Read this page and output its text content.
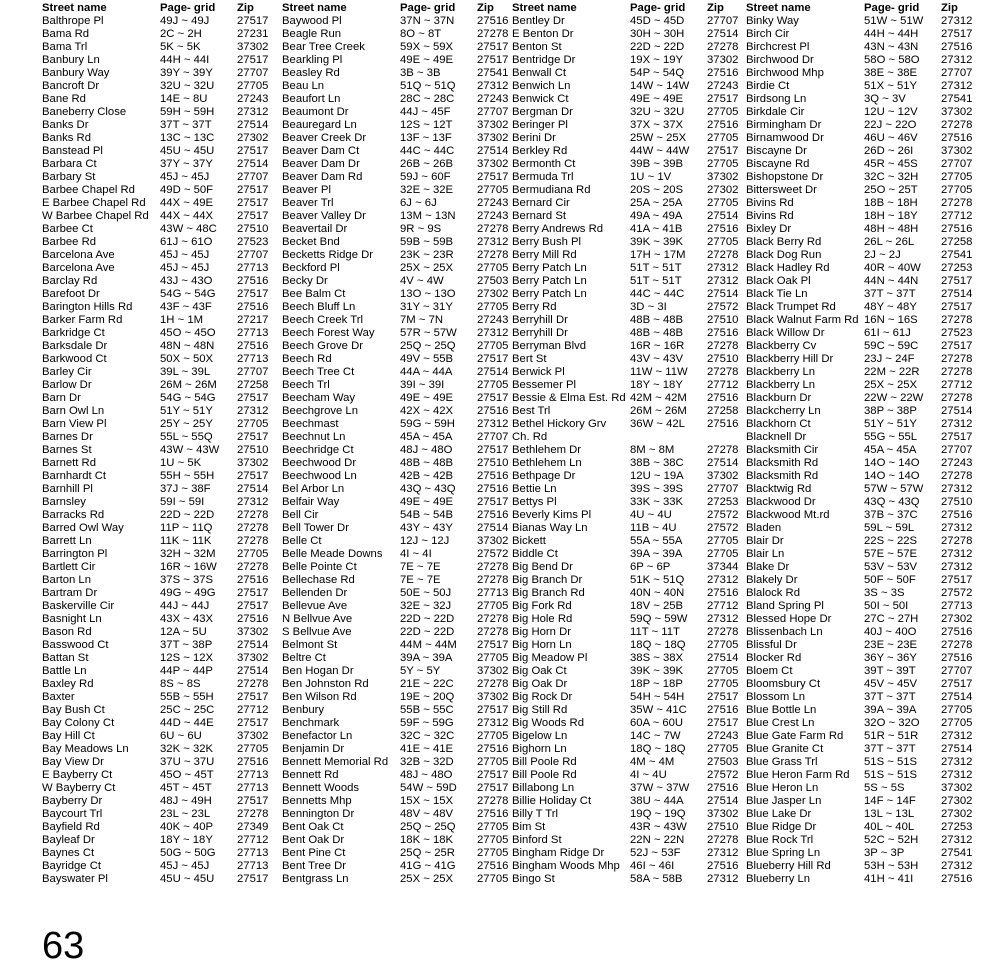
Street name	Page- grid Zip
Balthrope Pl	49J ~ 49J 27517
Bama Rd	2C ~ 2H	27231
Bama Trl	5K ~ 5K	37302
Banbury Ln	44H ~ 44I 27517
Banbury Way	39Y ~ 39Y 27707
Bancroft Dr	32U ~ 32U 27705
Bane Rd	14E ~ 8U	27243
Baneberry Close	59H ~ 59H 27312
Banks Dr	37T ~ 37T 27514
Banks Rd	13C ~ 13C 27302
Banstead Pl	45U ~ 45U 27517
Barbara Ct	37Y ~ 37Y 27514
Barbary St	45J ~ 45J 27707
Barbee Chapel Rd 49D ~ 50F 27517
E Barbee Chapel Rd 44X ~ 49E 27517
W Barbee Chapel Rd 44X ~ 44X 27517
Barbee Ct	43W ~ 48C 27510
Barbee Rd	61J ~ 61O 27523
Barcelona Ave	45J ~ 45J 27707
Barcelona Ave	45J ~ 45J 27713
Barclay Rd	43J ~ 43O 27516
Barefoot Dr	54G ~ 54G 27517
Barington Hills Rd 43F ~ 43F 27516
Barker Farm Rd	1H ~ 1M	27217
Barkridge Ct	45O ~ 45O 27713
Barksdale Dr	48N ~ 48N 27516
Barkwood Ct	50X ~ 50X 27713
Barley Cir	39L ~ 39L 27707
Barlow Dr	26M ~ 26M 27258
Barn Dr	54G ~ 54G 27517
Barn Owl Ln	51Y ~ 51Y 27312
Barn View Pl	25Y ~ 25Y 27705
Barnes Dr	55L ~ 55Q 27517
Barnes St	43W ~ 43W 27510
Barnett Rd	1U ~ 5K	37302
Barnhardt Ct	55H ~ 55H 27517
Barnhill Pl	37J ~ 38F 27514
Barnsley	59I ~ 59I	27312
Barracks Rd	22D ~ 22D 27278
Barred Owl Way	11P ~ 11Q 27278
Barrett Ln	11K ~ 11K 27278
Barrington Pl	32H ~ 32M 27705
Bartlett Cir	16R ~ 16W 27278
Barton Ln	37S ~ 37S 27516
Bartram Dr	49G ~ 49G 27517
Baskerville Cir	44J ~ 44J 27517
Basnight Ln	43X ~ 43X 27516
Bason Rd	12A ~ 5U	37302
Basswood Ct	37T ~ 38P 27514
Battan St	12S ~ 12X 37302
Battle Ln	44P ~ 44P 27514
Baxley Rd	8S ~ 8S	27278
Baxter	55B ~ 55H 27517
Bay Bush Ct	25C ~ 25C 27712
Bay Colony Ct	44D ~ 44E 27517
Bay Hill Ct	6U ~ 6U	37302
Bay Meadows Ln	32K ~ 32K 27705
Bay View Dr	37U ~ 37U 27516
E Bayberry Ct	45O ~ 45T 27713
W Bayberry Ct	45T ~ 45T 27713
Bayberry Dr	48J ~ 49H 27517
Baycourt Trl	23L ~ 23L 27278
Bayfield Rd	40K ~ 40P 27349
Bayleaf Dr	18Y ~ 18Y 27712
Baynes Ct	50G ~ 50G 27713
Bayridge Ct	45J ~ 45J 27713
Bayswater Pl	45U ~ 45U 27517
Street name	Page- grid Zip
Baywood Pl	37N ~ 37N 27516
Beagle Run	8O ~ 8T	27278
Bear Tree Creek	59X ~ 59X 27517
Bearkling Pl	49E ~ 49E 27517
Beasley Rd	3B ~ 3B	27541
Beau Ln	51Q ~ 51Q 27312
Beaufort Ln	28C ~ 28C 27243
Beaumont Dr	44J ~ 45F 27707
Beauregard Ln	12S ~ 12T 37302
Beaver Creek Dr	13F ~ 13F 37302
Beaver Dam Ct	44C ~ 44C 27514
Beaver Dam Dr	26B ~ 26B 37302
Beaver Dam Rd	59J ~ 60F 27517
Beaver Pl	32E ~ 32E 27705
Beaver Trl	6J ~ 6J	27243
Beaver Valley Dr	13M ~ 13N 27243
Beavertail Dr	9R ~ 9S	27278
Becket Bnd	59B ~ 59B 27312
Becketts Ridge Dr 23K ~ 23R 27278
Beckford Pl	25X ~ 25X 27705
Becky Dr	4V ~ 4W	27503
Bee Balm Ct	13O ~ 13O 27302
Beech Bluff Ln	31Y ~ 31Y 27705
Beech Creek Trl	7M ~ 7N	27243
Beech Forest Way 57R ~ 57W 27312
Beech Grove Dr	25Q ~ 25Q 27705
Beech Rd	49V ~ 55B 27517
Beech Tree Ct	44A ~ 44A 27514
Beech Trl	39I ~ 39I	27705
Beecham Way	49E ~ 49E 27517
Beechgrove Ln	42X ~ 42X 27516
Beechmast	59G ~ 59H 27312
Beechnut Ln	45A ~ 45A 27707
Beechridge Ct	48J ~ 48O 27517
Beechwood Dr	48B ~ 48B 27510
Beechwood Ln	42B ~ 42B 27516
Bel Arbor Ln	43Q ~ 43Q 27516
Belfair Way	49E ~ 49E 27517
Bell Cir	54B ~ 54B 27516
Bell Tower Dr	43Y ~ 43Y 27514
Belle Ct	12J ~ 12J 37302
Belle Meade Downs 4I ~ 4I	27572
Belle Pointe Ct	7E ~ 7E	27278
Bellechase Rd	7E ~ 7E	27278
Bellenden Dr	50E ~ 50J 27713
Bellevue Ave	32E ~ 32J 27705
N Bellvue Ave	22D ~ 22D 27278
S Bellvue Ave	22D ~ 22D 27278
Belmont St	44M ~ 44M 27517
Beltre Ct	39A ~ 39A 27705
Ben Hogan Dr	5Y ~ 5Y	37302
Ben Johnston Rd	21E ~ 22C 27278
Ben Wilson Rd	19E ~ 20Q 37302
Benbury	55B ~ 55C 27517
Benchmark	59F ~ 59G 27312
Benefactor Ln	32C ~ 32C 27705
Benjamin Dr	41E ~ 41E 27516
Bennett Memorial Rd 32B ~ 32D 27705
Bennett Rd	48J ~ 48O 27517
Bennett Woods	54W ~ 59D 27517
Bennetts Mhp	15X ~ 15X 27278
Bennington Dr	48V ~ 48V 27516
Bent Oak Ct	25Q ~ 25Q 27705
Bent Oak Dr	18K ~ 18K 27705
Bent Pine Ct	25Q ~ 25R 27705
Bent Tree Dr	41G ~ 41G 27516
Bentgrass Ln	25X ~ 25X 27705
Street name	Page- grid Zip
Bentley Dr	45D ~ 45D 27707
E Benton Dr	30H ~ 30H 27514
Benton St	22D ~ 22D 27278
Bentridge Dr	19X ~ 19Y 37302
Benwall Ct	54P ~ 54Q 27516
Benwich Ln	14W ~ 14W 27243
Benwick Ct	49E ~ 49E 27517
Bergman Dr	32U ~ 32U 27705
Beringer Pl	37X ~ 37X 27516
Berini Dr	25W ~ 25X 27705
Berkley Rd	44W ~ 44W 27517
Bermonth Ct	39B ~ 39B 27705
Bermuda Trl	1U ~ 1V	37302
Bermudiana Rd	20S ~ 20S 27302
Bernard Cir	25A ~ 25A 27705
Bernard St	49A ~ 49A 27514
Berry Andrews Rd 41A ~ 41B 27516
Berry Bush Pl	39K ~ 39K 27705
Berry Mill Rd	17H ~ 17M 27278
Berry Patch Ln	51T ~ 51T 27312
Berry Patch Ln	51T ~ 51T 27312
Berry Patch Ln	44C ~ 44C 27514
Berry Rd	3D ~ 3I	27572
Berryhill Dr	48B ~ 48B 27510
Berryhill Dr	48B ~ 48B 27516
Berryman Blvd	16R ~ 16R 27278
Bert St	43V ~ 43V 27510
Berwick Pl	11W ~ 11W 27278
Bessemer Pl	18Y ~ 18Y 27712
Bessie & Elma Est. Rd 42M ~ 42M 27516
Best Trl	26M ~ 26M 27258
Bethel Hickory Grv 36W ~ 42L 27516
Ch. Rd
Bethlehem Dr	8M ~ 8M	27278
Bethlehem Ln	38B ~ 38C 27514
Bethpage Dr	12U ~ 19A 37302
Bettie Ln	39S ~ 39S 27707
Bettys Pl	33K ~ 33K 27253
Beverly Kims Pl	4U ~ 4U	27572
Bianas Way Ln	11B ~ 4U	27572
Bickett	55A ~ 55A 27705
Biddle Ct	39A ~ 39A 27705
Big Bend Dr	6P ~ 6P	37344
Big Branch Dr	51K ~ 51Q 27312
Big Branch Rd	40N ~ 40N 27516
Big Fork Rd	18V ~ 25B 27712
Big Hole Rd	59Q ~ 59W 27312
Big Horn Dr	11T ~ 11T 27278
Big Horn Ln	18Q ~ 18Q 27705
Big Meadow Pl	38S ~ 38X 27514
Big Oak Ct	39K ~ 39K 27705
Big Oak Dr	18P ~ 18P 27705
Big Rock Dr	54H ~ 54H 27517
Big Still Rd	35W ~ 41C 27516
Big Woods Rd	60A ~ 60U 27517
Bigelow Ln	14C ~ 7W 27243
Bighorn Ln	18Q ~ 18Q 27705
Bill Poole Rd	4M ~ 4M	27503
Bill Poole Rd	4I ~ 4U	27572
Billabong Ln	37W ~ 37W 27516
Billie Holiday Ct	38U ~ 44A 27514
Billy T Trl	19Q ~ 19Q 37302
Bim St	43R ~ 43W 27510
Binford St	22N ~ 22N 27278
Bingham Ridge Dr 52J ~ 53F 27312
Bingham Woods Mhp 46I ~ 46I	27516
Bingo St	58A ~ 58B 27312
Street name	Page- grid Zip
Binky Way	51W ~ 51W 27312
Birch Cir	44H ~ 44H 27517
Birchcrest Pl	43N ~ 43N 27516
Birchwood Dr	58O ~ 58O 27312
Birchwood Mhp	38E ~ 38E 27707
Birdie Ct	51X ~ 51Y 27312
Birdsong Ln	3Q ~ 3V	27541
Birkdale Cir	12U ~ 12V 37302
Birmingham Dr	22J ~ 22O 27278
Birnamwood Dr	46U ~ 46V 27516
Biscayne Dr	26D ~ 26I 37302
Biscayne Rd	45R ~ 45S 27707
Bishopstone Dr	32C ~ 32H 27705
Bittersweet Dr	25O ~ 25T 27705
Bivins Rd	18B ~ 18H 27278
Bivins Rd	18H ~ 18Y 27712
Bixley Dr	48H ~ 48H 27516
Black Berry Rd	26L ~ 26L 27258
Black Dog Run	2J ~ 2J	27541
Black Hadley Rd	40R ~ 40W 27253
Black Oak Pl	44N ~ 44N 27517
Black Tie Ln	37T ~ 37T 27514
Black Trumpet Rd 48Y ~ 48Y 27517
Black Walnut Farm Rd 16N ~ 16S 27278
Black Willow Dr	61I ~ 61J	27523
Blackberry Cv	59C ~ 59C 27517
Blackberry Hill Dr	23J ~ 24F 27278
Blackberry Ln	22M ~ 22R 27278
Blackberry Ln	25X ~ 25X 27712
Blackburn Dr	22W ~ 22W 27278
Blackcherry Ln	38P ~ 38P 27514
Blackhorn Ct	51Y ~ 51Y 27312
Blacknell Dr	55G ~ 55L 27517
Blacksmith Cir	45A ~ 45A 27707
Blacksmith Rd	14O ~ 14O 27243
Blacksmith Rd	14O ~ 14O 27278
Blacktwig Rd	57W ~ 57W 27312
Blackwood Dr	43Q ~ 43Q 27510
Blackwood Mt.rd	37B ~ 37C 27516
Bladen	59L ~ 59L 27312
Blair Dr	22S ~ 22S 27278
Blair Ln	57E ~ 57E 27312
Blake Dr	53V ~ 53V 27312
Blakely Dr	50F ~ 50F 27517
Blalock Rd	3S ~ 3S	27572
Bland Spring Pl	50I ~ 50I	27713
Blessed Hope Dr	27C ~ 27H 27302
Blissenbach Ln	40J ~ 40O 27516
Blissful Dr	23E ~ 23E 27278
Blocker Rd	36Y ~ 36Y 27516
Bloem Ct	39T ~ 39T 27707
Bloomsbury Ct	45V ~ 45V 27517
Blossom Ln	37T ~ 37T 27514
Blue Bottle Ln	39A ~ 39A 27705
Blue Crest Ln	32O ~ 32O 27705
Blue Gate Farm Rd 51R ~ 51R 27312
Blue Granite Ct	37T ~ 37T 27514
Blue Grass Trl	51S ~ 51S 27312
Blue Heron Farm Rd 51S ~ 51S 27312
Blue Heron Ln	5S ~ 5S	37302
Blue Jasper Ln	14F ~ 14F 27302
Blue Lake Dr	13L ~ 13L 27302
Blue Ridge Dr	40L ~ 40L 27253
Blue Rock Trl	52C ~ 52H 27312
Blue Spring Ln	3P ~ 3P	27541
Blueberry Hill Rd	53H ~ 53H 27312
Blueberry Ln	41H ~ 41I 27516
63
